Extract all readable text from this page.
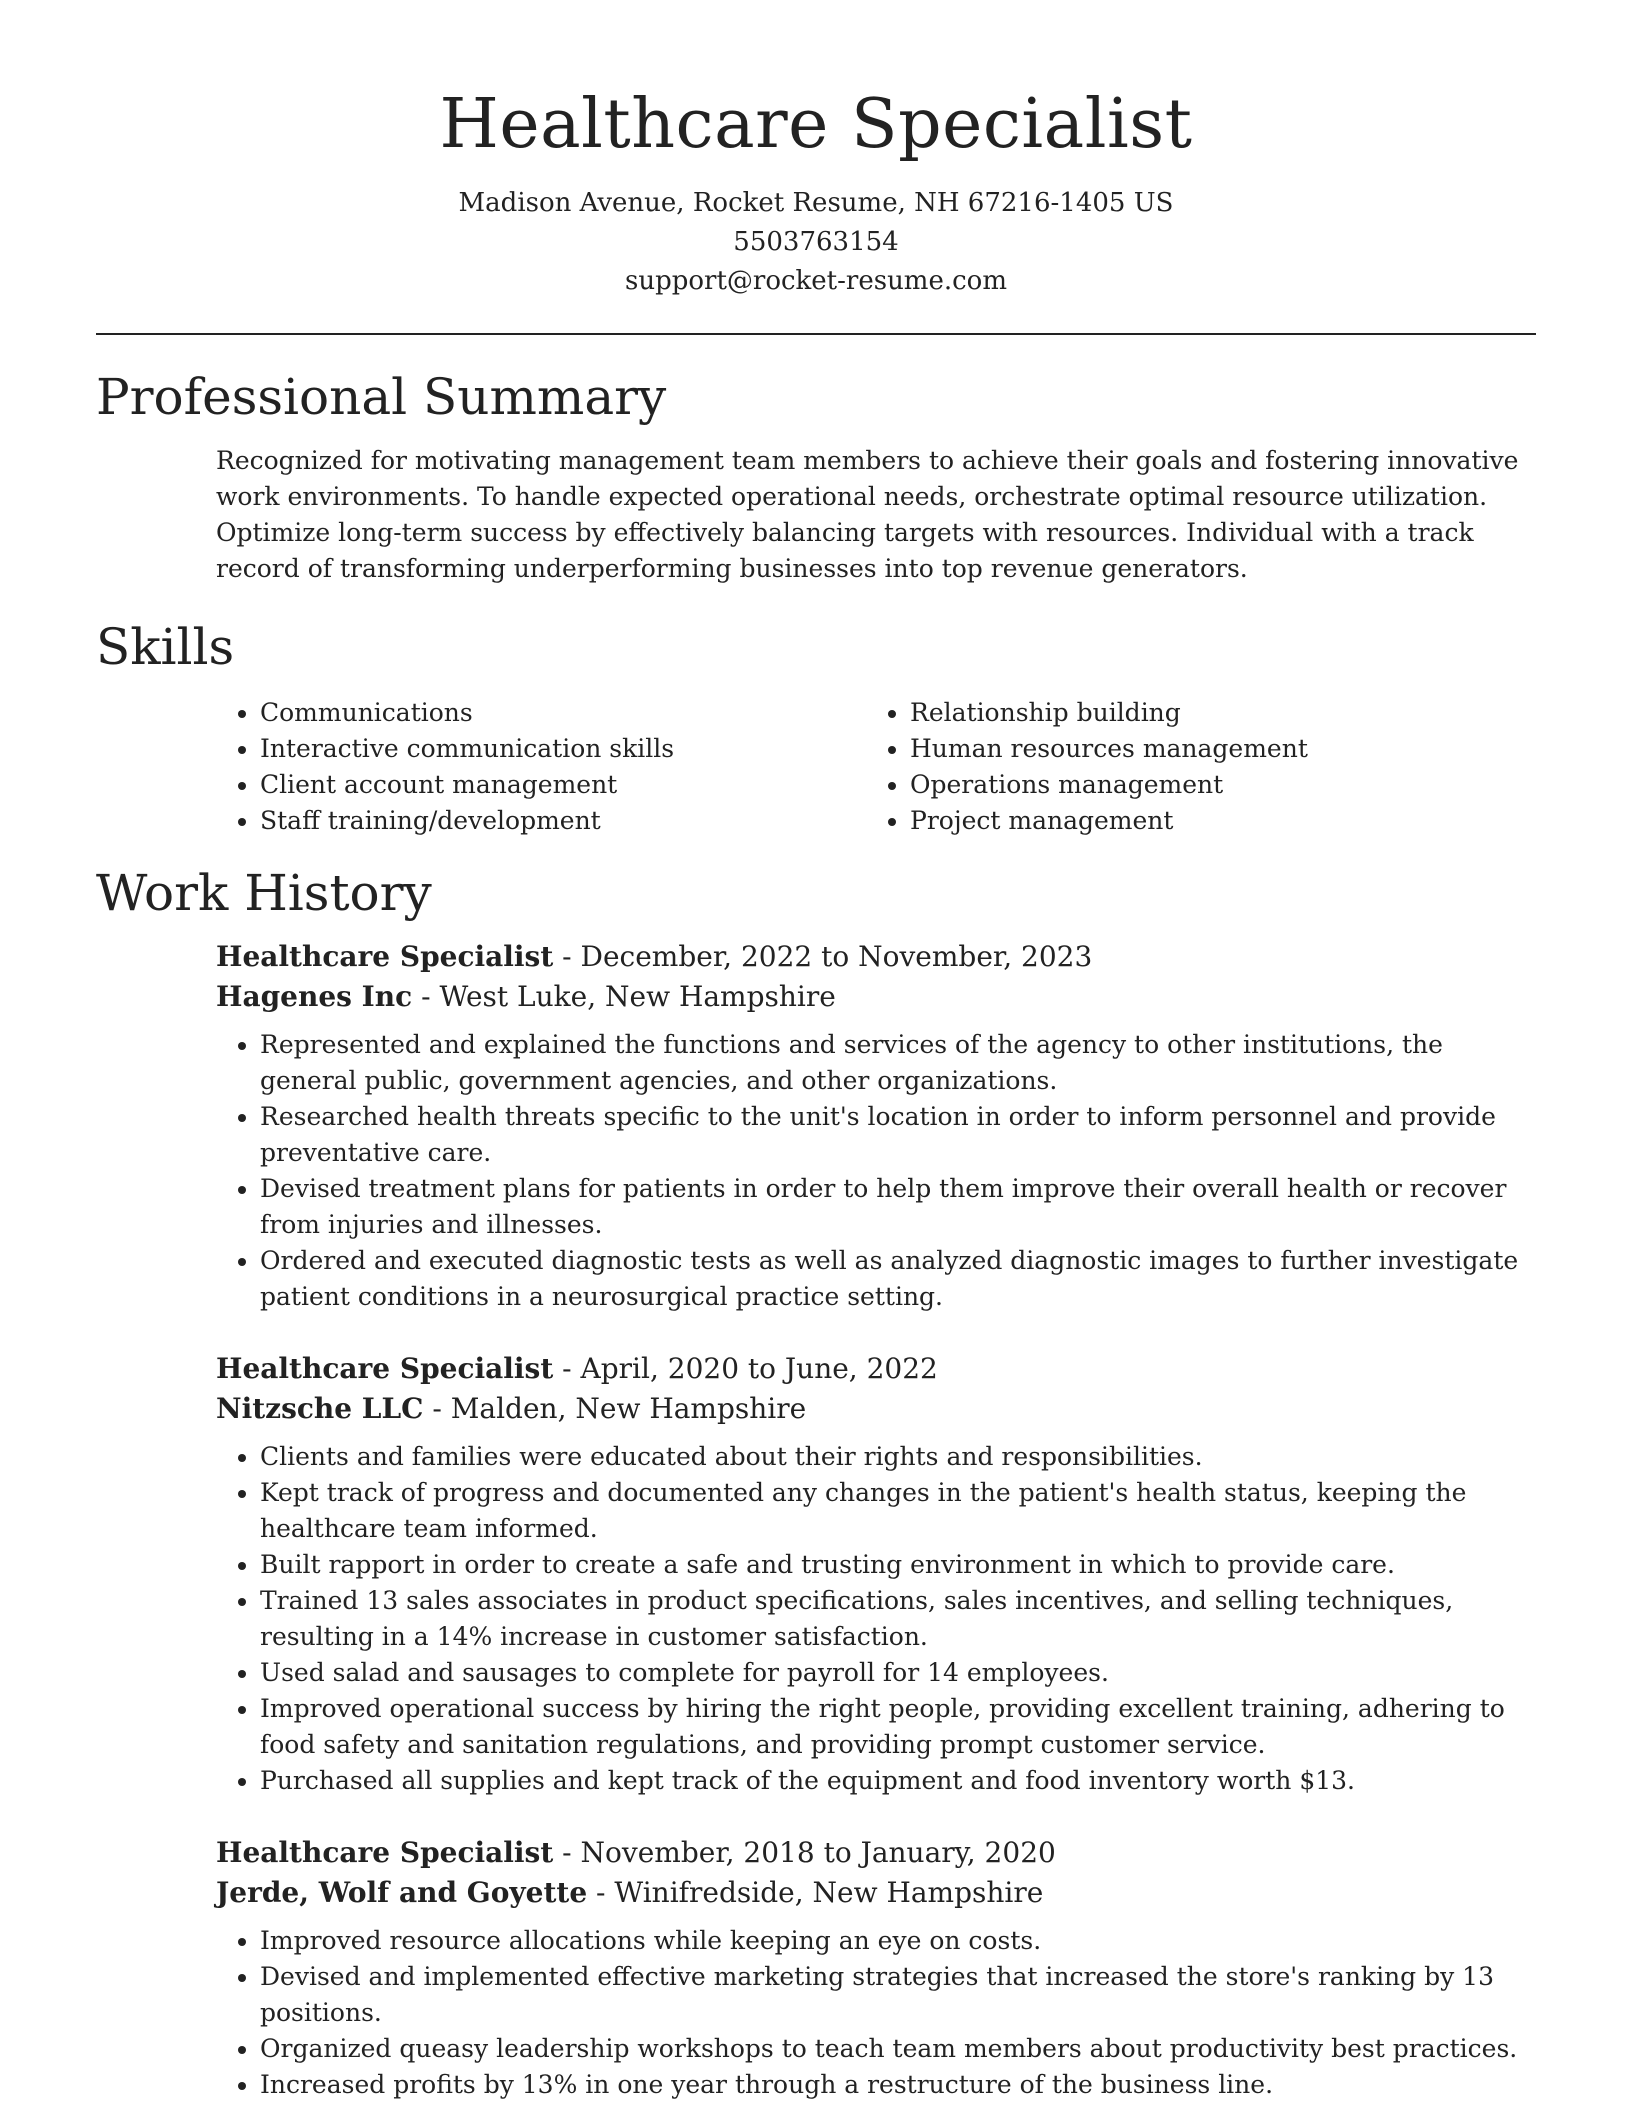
Healthcare Specialist
Madison Avenue, Rocket Resume, NH 67216-1405 US
5503763154
support@rocket-resume.com
Professional Summary

Recognized for motivating management team members to achieve their goals and fostering innovative work environments. To handle expected operational needs, orchestrate optimal resource utilization. Optimize long-term success by effectively balancing targets with resources. Individual with a track record of transforming underperforming businesses into top revenue generators.

Skills
• Communications
• Interactive communication skills
• Client account management
• Staff training/development
• Relationship building
• Human resources management
• Operations management
• Project management
Work History
Healthcare Specialist - December, 2022 to November, 2023
Hagenes Inc - West Luke, New Hampshire
• Represented and explained the functions and services of the agency to other institutions, the general public, government agencies, and other organizations.
• Researched health threats specific to the unit's location in order to inform personnel and provide preventative care.
• Devised treatment plans for patients in order to help them improve their overall health or recover from injuries and illnesses.
• Ordered and executed diagnostic tests as well as analyzed diagnostic images to further investigate patient conditions in a neurosurgical practice setting.
Healthcare Specialist - April, 2020 to June, 2022
Nitzsche LLC - Malden, New Hampshire
• Clients and families were educated about their rights and responsibilities.
• Kept track of progress and documented any changes in the patient's health status, keeping the healthcare team informed.
• Built rapport in order to create a safe and trusting environment in which to provide care.
• Trained 13 sales associates in product specifications, sales incentives, and selling techniques, resulting in a 14% increase in customer satisfaction.
• Used salad and sausages to complete for payroll for 14 employees.
• Improved operational success by hiring the right people, providing excellent training, adhering to food safety and sanitation regulations, and providing prompt customer service.
• Purchased all supplies and kept track of the equipment and food inventory worth $13.
Healthcare Specialist - November, 2018 to January, 2020
Jerde, Wolf and Goyette - Winifredside, New Hampshire
• Improved resource allocations while keeping an eye on costs.
• Devised and implemented effective marketing strategies that increased the store's ranking by 13 positions.
• Organized queasy leadership workshops to teach team members about productivity best practices.
• Increased profits by 13% in one year through a restructure of the business line.
